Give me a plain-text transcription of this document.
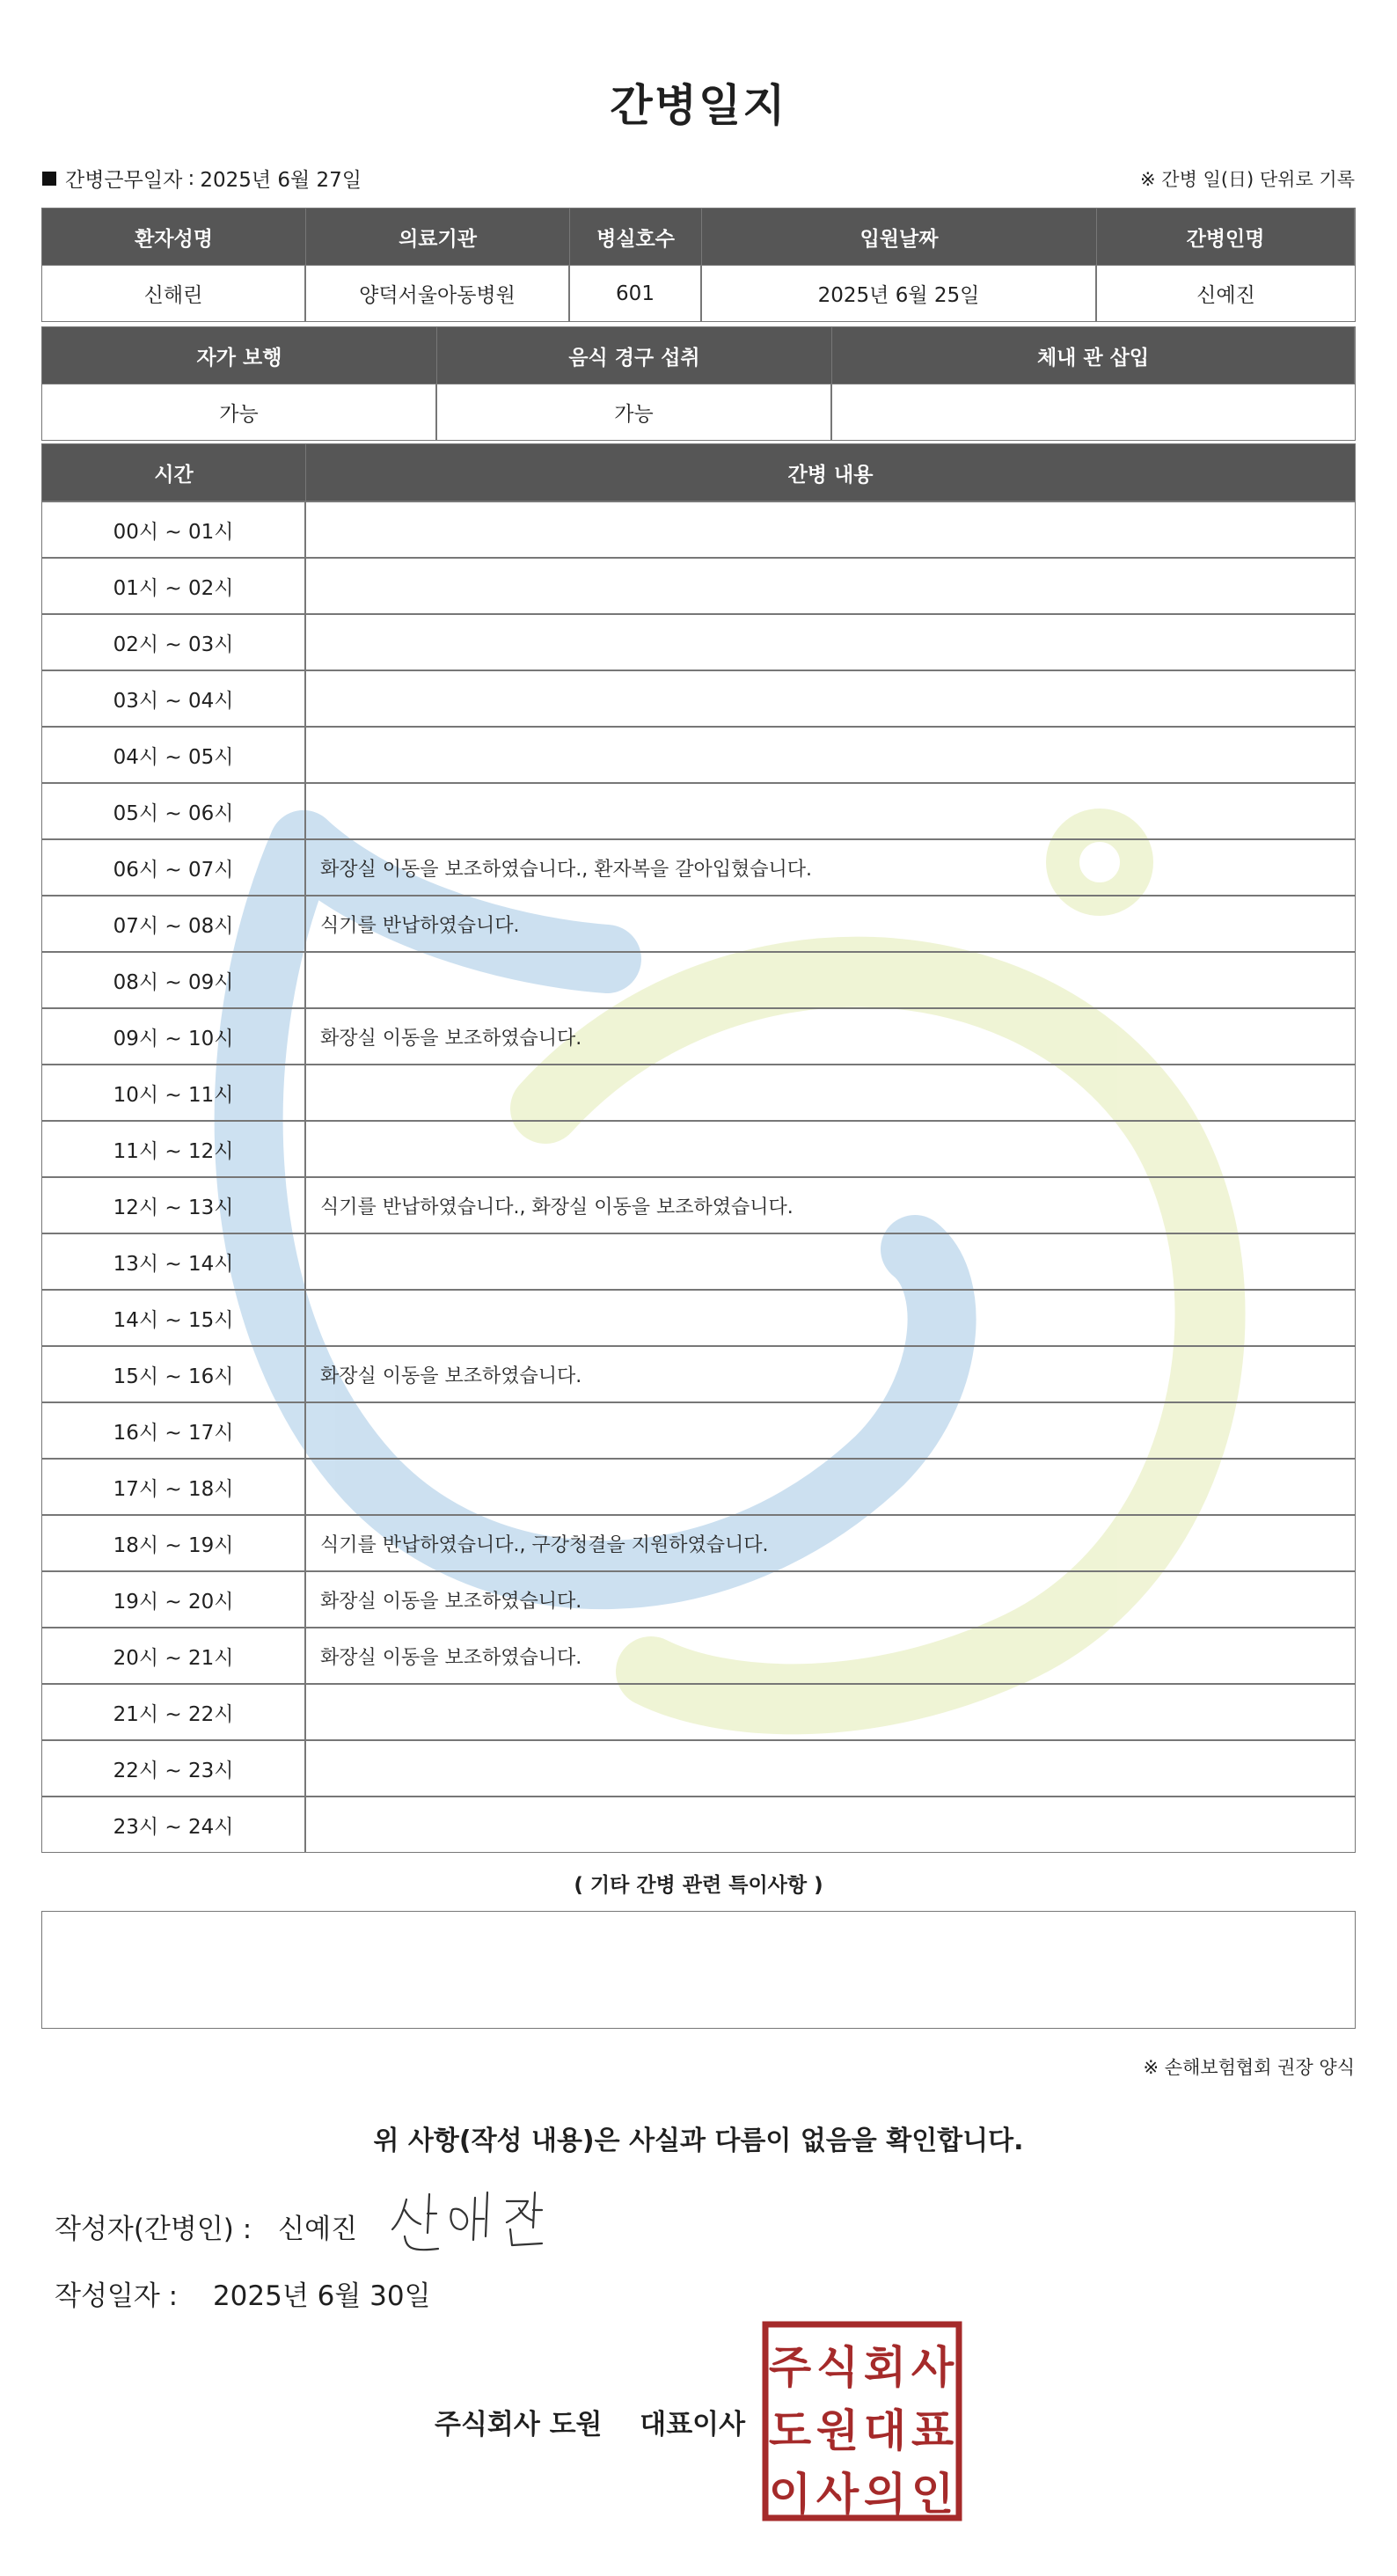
간병일지
간병근무일자 : 2025년 6월 27일	※ 간병 일(日) 단위로 기록
환자성명	의료기관	병실호수	입원날짜	간병인명
신해린	양덕서울아동병원	601	2025년 6월 25일	신예진
자가 보행	음식 경구 섭취	체내 관 삽입
가능	가능
시간	간병 내용
00시 ~ 01시
01시 ~ 02시
02시 ~ 03시
03시 ~ 04시
04시 ~ 05시
05시 ~ 06시
06시 ~ 07시	화장실 이동을 보조하였습니다., 환자복을 갈아입혔습니다.
07시 ~ 08시	식기를 반납하였습니다.
08시 ~ 09시
09시 ~ 10시	화장실 이동을 보조하였습니다.
10시 ~ 11시
11시 ~ 12시
12시 ~ 13시	식기를 반납하였습니다., 화장실 이동을 보조하였습니다.
13시 ~ 14시
14시 ~ 15시
15시 ~ 16시	화장실 이동을 보조하였습니다.
16시 ~ 17시
17시 ~ 18시
18시 ~ 19시	식기를 반납하였습니다., 구강청결을 지원하였습니다.
19시 ~ 20시	화장실 이동을 보조하였습니다.
20시 ~ 21시	화장실 이동을 보조하였습니다.
21시 ~ 22시
22시 ~ 23시
23시 ~ 24시
( 기타 간병 관련 특이사항 )
※ 손해보험협회 권장 양식
위 사항(작성 내용)은 사실과 다름이 없음을 확인합니다.
작성자(간병인) : 신예진
작성일자 : 2025년 6월 30일
주식회사 도원 대표이사
주 식 회 사
도 원 대 표
이 사 의 인
